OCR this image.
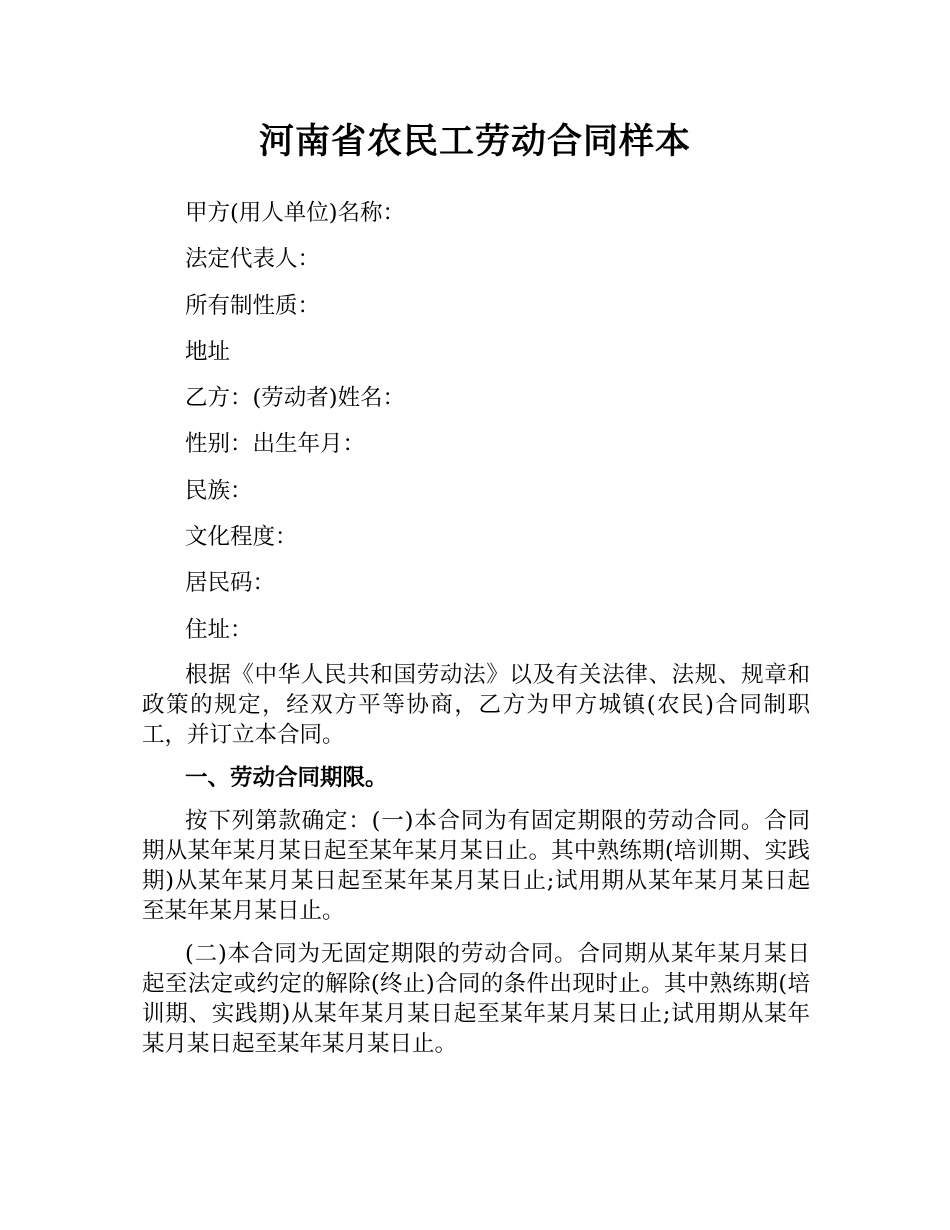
河南省农民工劳动合同样本

甲方(用人单位)名称：

法定代表人：

所有制性质：

地址

乙方：(劳动者)姓名：

性别：出生年月：

民族：

文化程度：

居民码：

住址：

根据《中华人民共和国劳动法》以及有关法律、法规、规章和政策的规定，经双方平等协商，乙方为甲方城镇(农民)合同制职工，并订立本合同。

一、劳动合同期限。

按下列第款确定：(一)本合同为有固定期限的劳动合同。合同期从某年某月某日起至某年某月某日止。其中熟练期(培训期、实践期)从某年某月某日起至某年某月某日止;试用期从某年某月某日起至某年某月某日止。

(二)本合同为无固定期限的劳动合同。合同期从某年某月某日起至法定或约定的解除(终止)合同的条件出现时止。其中熟练期(培训期、实践期)从某年某月某日起至某年某月某日止;试用期从某年某月某日起至某年某月某日止。
